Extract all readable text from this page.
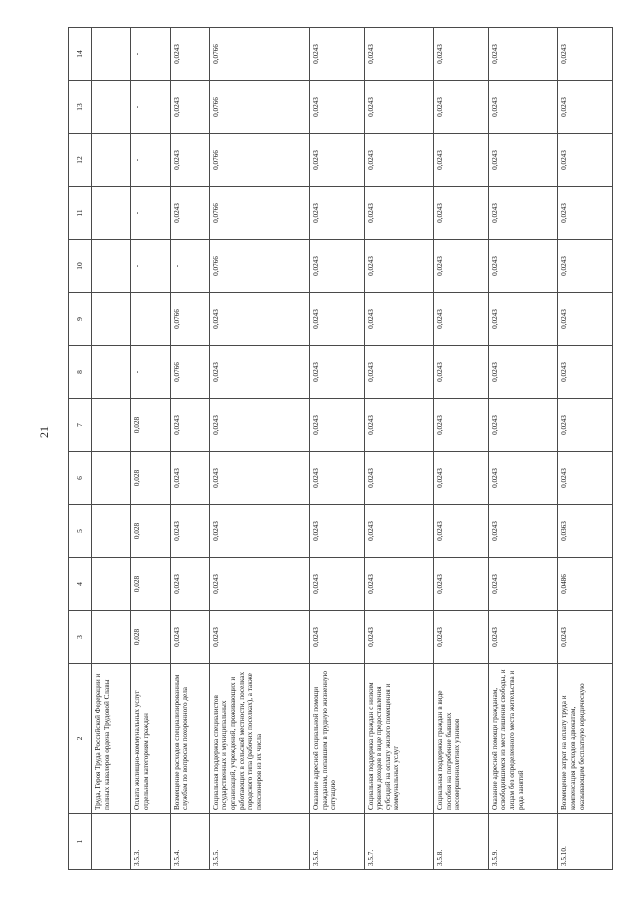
21
1	2	3	4	5	6	7	8	9	10	11	12	13	14
	Труда, Героя Труда Российской Федерации и полных кавалеров ордена Трудовой Славы												
3.5.3.	Оплата жилищно-коммунальных услуг отдельным категориям граждан	0,028	0,028	0,028	0,028	0,028	-		-	-	-	-	-
3.5.4.	Возмещение расходов специализированным службам по вопросам похоронного дела	0,0243	0,0243	0,0243	0,0243	0,0243	0,0766	0,0766	-	0,0243	0,0243	0,0243	0,0243
3.5.5.	Социальная поддержка специалистов государственных и муниципальных организаций, учреждений, проживающих и работающих в сельской местности, поселках городского типа (рабочих поселках), а также пенсионеров из их числа	0,0243	0,0243	0,0243	0,0243	0,0243	0,0243	0,0243	0,0766	0,0766	0,0766	0,0766	0,0766
3.5.6.	Оказание адресной социальной помощи гражданам, попавшим в трудную жизненную ситуацию	0,0243	0,0243	0,0243	0,0243	0,0243	0,0243	0,0243	0,0243	0,0243	0,0243	0,0243	0,0243
3.5.7.	Социальная поддержка граждан с низким уровнем доходов в виде предоставления субсидий на оплату жилого помещения и коммунальных услуг	0,0243	0,0243	0,0243	0,0243	0,0243	0,0243	0,0243	0,0243	0,0243	0,0243	0,0243	0,0243
3.5.8.	Социальная поддержка граждан в виде пособия на погребение бывших несовершеннолетних узников	0,0243	0,0243	0,0243	0,0243	0,0243	0,0243	0,0243	0,0243	0,0243	0,0243	0,0243	0,0243
3.5.9.	Оказание адресной помощи гражданам, освободившимся из мест лишения свободы, и лицам без определенного места жительства и рода занятий	0,0243	0,0243	0,0243	0,0243	0,0243	0,0243	0,0243	0,0243	0,0243	0,0243	0,0243	0,0243
3.5.10.	Возмещение затрат на оплату труда и компенсация расходов адвокатам, оказывающим бесплатную юридическую	0,0243	0,0486	0,0363	0,0243	0,0243	0,0243	0,0243	0,0243	0,0243	0,0243	0,0243	0,0243
